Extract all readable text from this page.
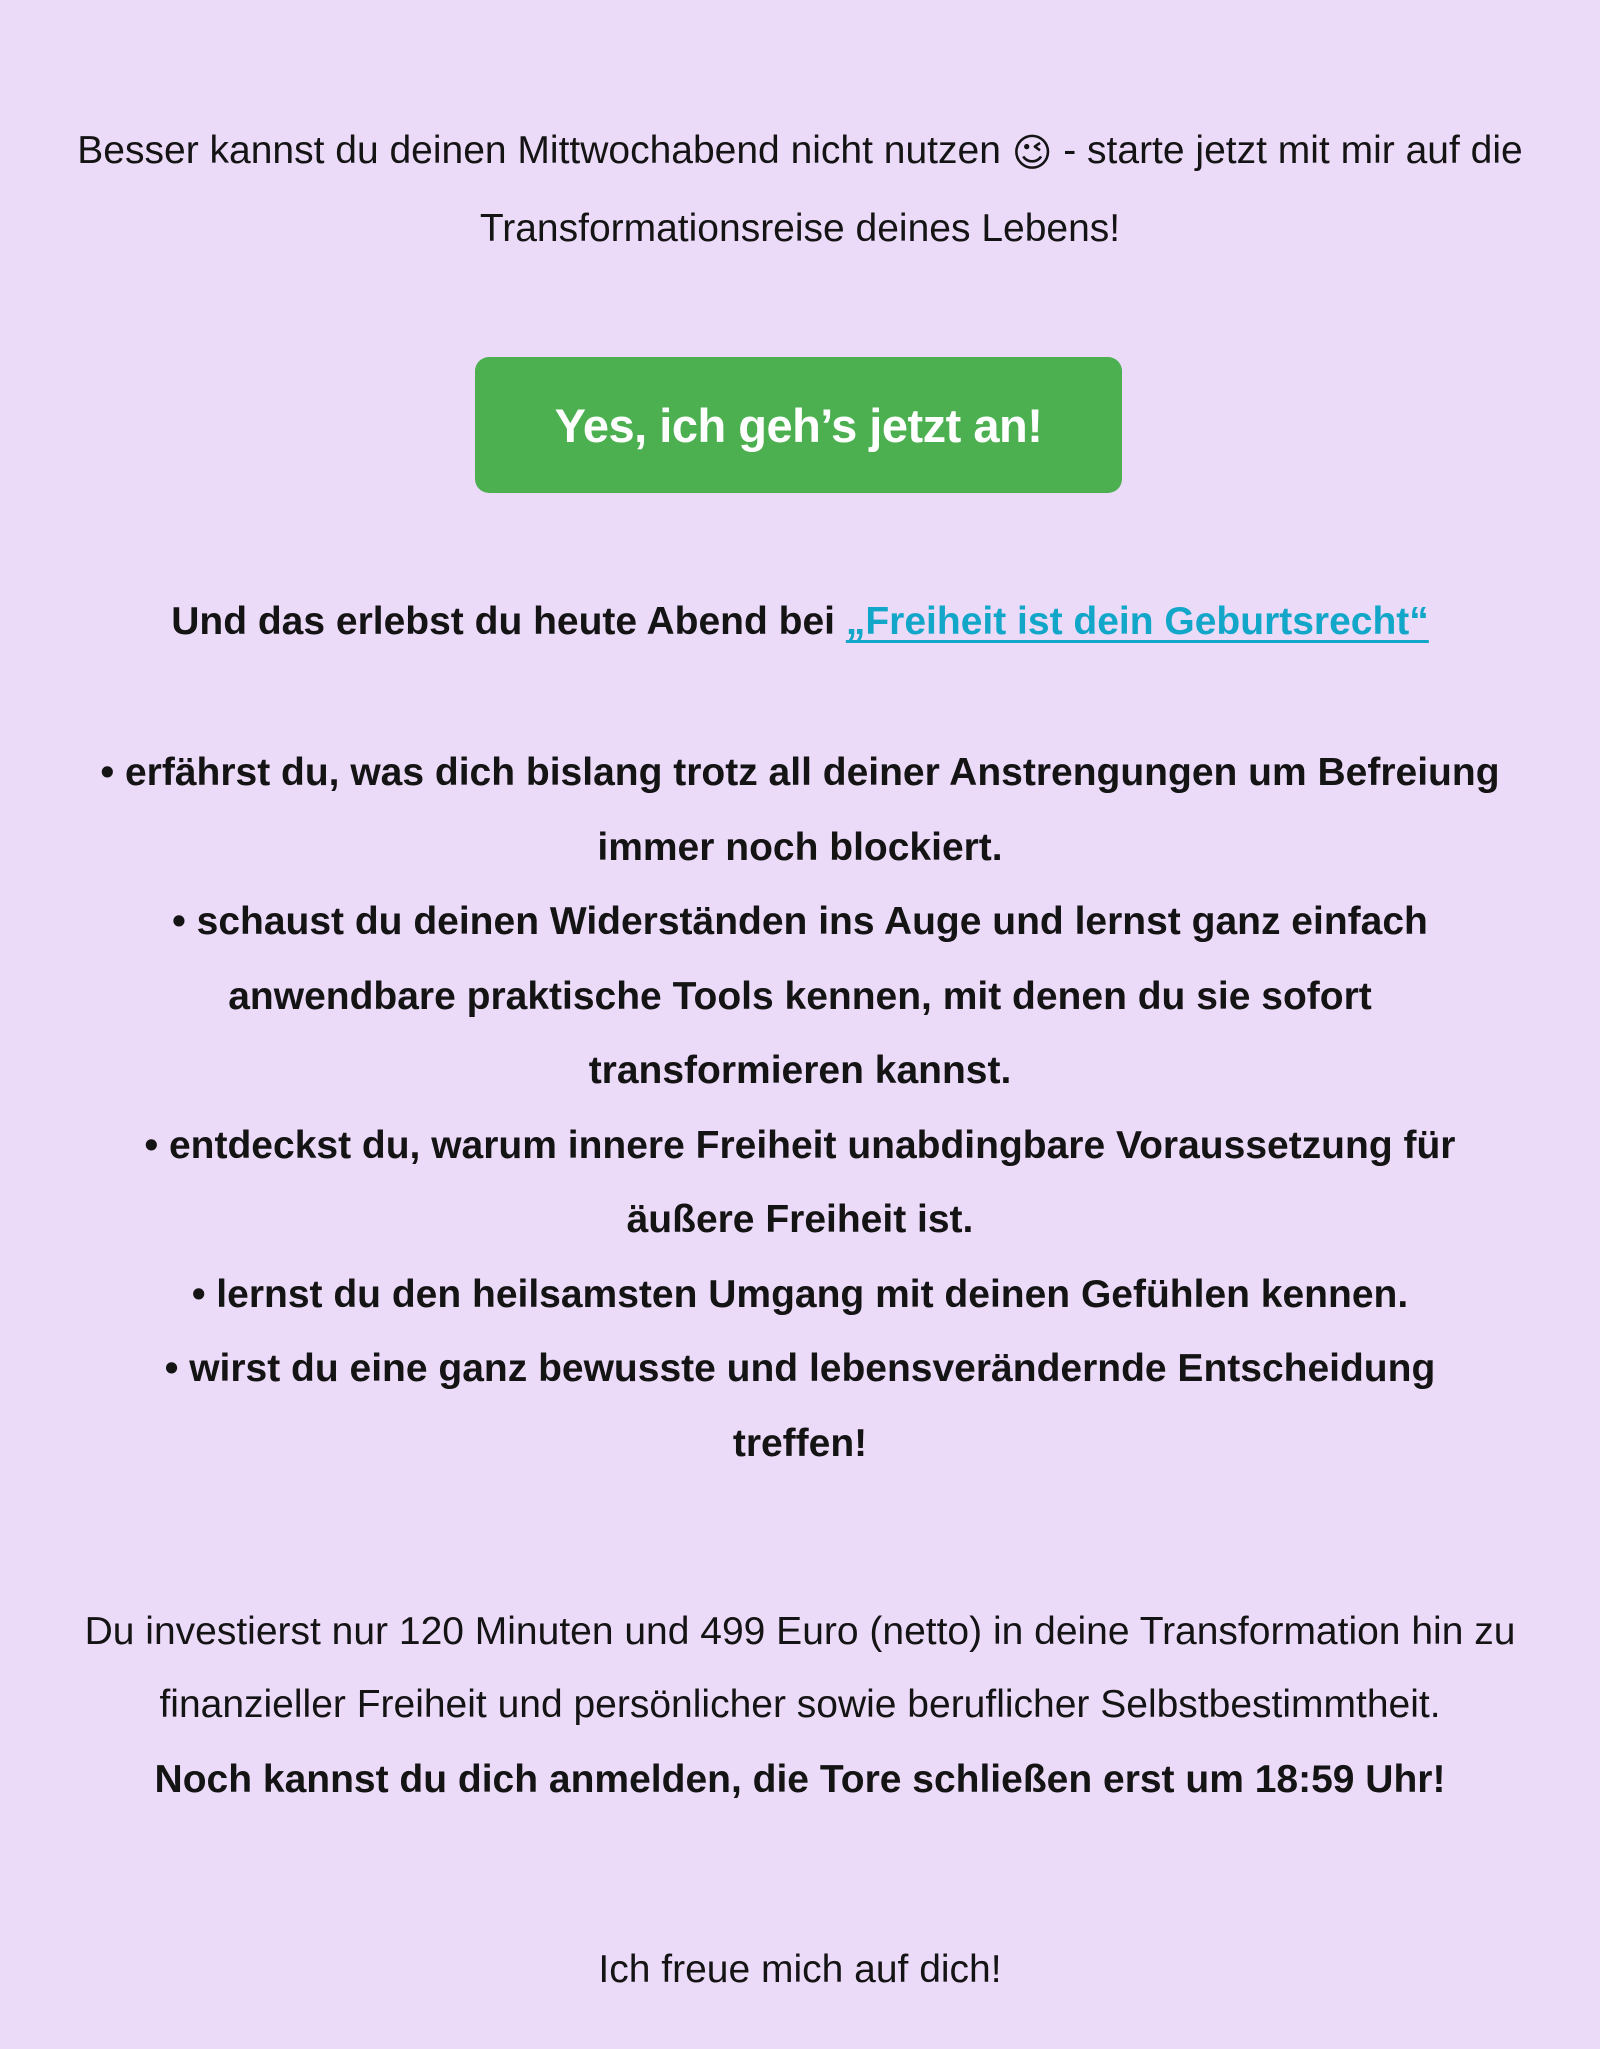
Besser kannst du deinen Mittwochabend nicht nutzen 😉 - starte jetzt mit mir auf die Transformationsreise deines Lebens!
Yes, ich geh’s jetzt an!
Und das erlebst du heute Abend bei „Freiheit ist dein Geburtsrecht“

• erfährst du, was dich bislang trotz all deiner Anstrengungen um Befreiung immer noch blockiert.

• schaust du deinen Widerständen ins Auge und lernst ganz einfach anwendbare praktische Tools kennen, mit denen du sie sofort transformieren kannst.

• entdeckst du, warum innere Freiheit unabdingbare Voraussetzung für äußere Freiheit ist.

• lernst du den heilsamsten Umgang mit deinen Gefühlen kennen.

• wirst du eine ganz bewusste und lebensverändernde Entscheidung treffen!

Du investierst nur 120 Minuten und 499 Euro (netto) in deine Transformation hin zu finanzieller Freiheit und persönlicher sowie beruflicher Selbstbestimmtheit.

Noch kannst du dich anmelden, die Tore schließen erst um 18:59 Uhr!

Ich freue mich auf dich!
